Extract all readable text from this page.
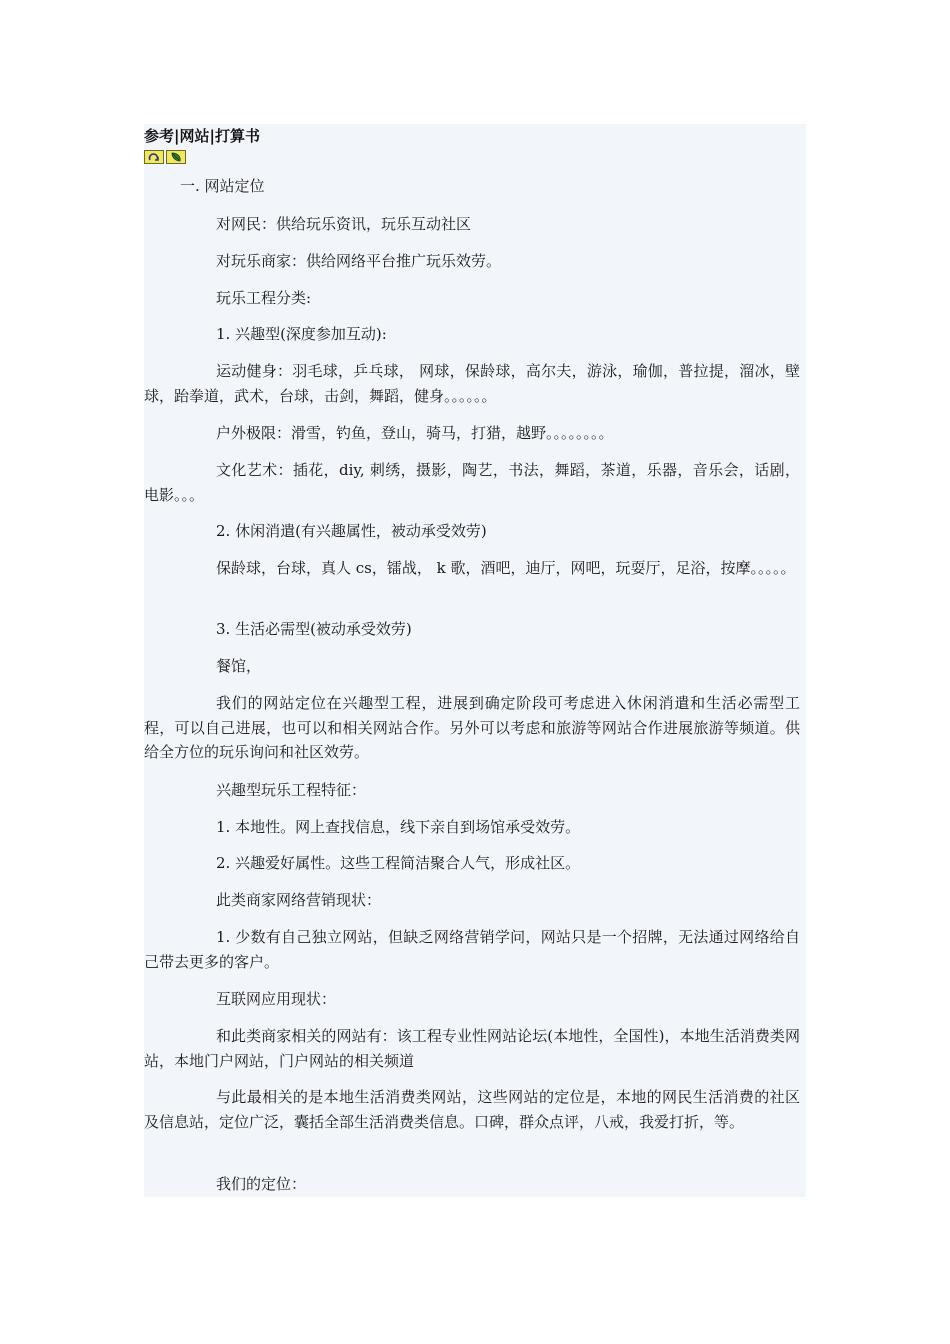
参考|网站|打算书
一. 网站定位
对网民：供给玩乐资讯，玩乐互动社区
对玩乐商家：供给网络平台推广玩乐效劳。
玩乐工程分类:
1. 兴趣型(深度参加互动):
运动健身：羽毛球，乒乓球， 网球，保龄球，高尔夫，游泳，瑜伽，普拉提，溜冰，壁球，跆拳道，武术，台球，击剑，舞蹈，健身。。。。。。
户外极限：滑雪，钓鱼，登山，骑马，打猎，越野。。。。。。。。
文化艺术：插花，diy, 刺绣，摄影，陶艺，书法，舞蹈，茶道，乐器，音乐会，话剧，电影。。。
2. 休闲消遣(有兴趣属性，被动承受效劳)
保龄球，台球，真人 cs，镭战， k 歌，酒吧，迪厅，网吧，玩耍厅，足浴，按摩。。。。。
3. 生活必需型(被动承受效劳)
餐馆，
我们的网站定位在兴趣型工程，进展到确定阶段可考虑进入休闲消遣和生活必需型工程，可以自己进展，也可以和相关网站合作。另外可以考虑和旅游等网站合作进展旅游等频道。供给全方位的玩乐询问和社区效劳。
兴趣型玩乐工程特征：
1. 本地性。网上查找信息，线下亲自到场馆承受效劳。
2. 兴趣爱好属性。这些工程简洁聚合人气，形成社区。
此类商家网络营销现状：
1. 少数有自己独立网站，但缺乏网络营销学问，网站只是一个招牌，无法通过网络给自己带去更多的客户。
互联网应用现状：
和此类商家相关的网站有：该工程专业性网站论坛(本地性，全国性)，本地生活消费类网站，本地门户网站，门户网站的相关频道
与此最相关的是本地生活消费类网站，这些网站的定位是，本地的网民生活消费的社区及信息站，定位广泛，囊括全部生活消费类信息。口碑，群众点评，八戒，我爱打折，等。
我们的定位：
